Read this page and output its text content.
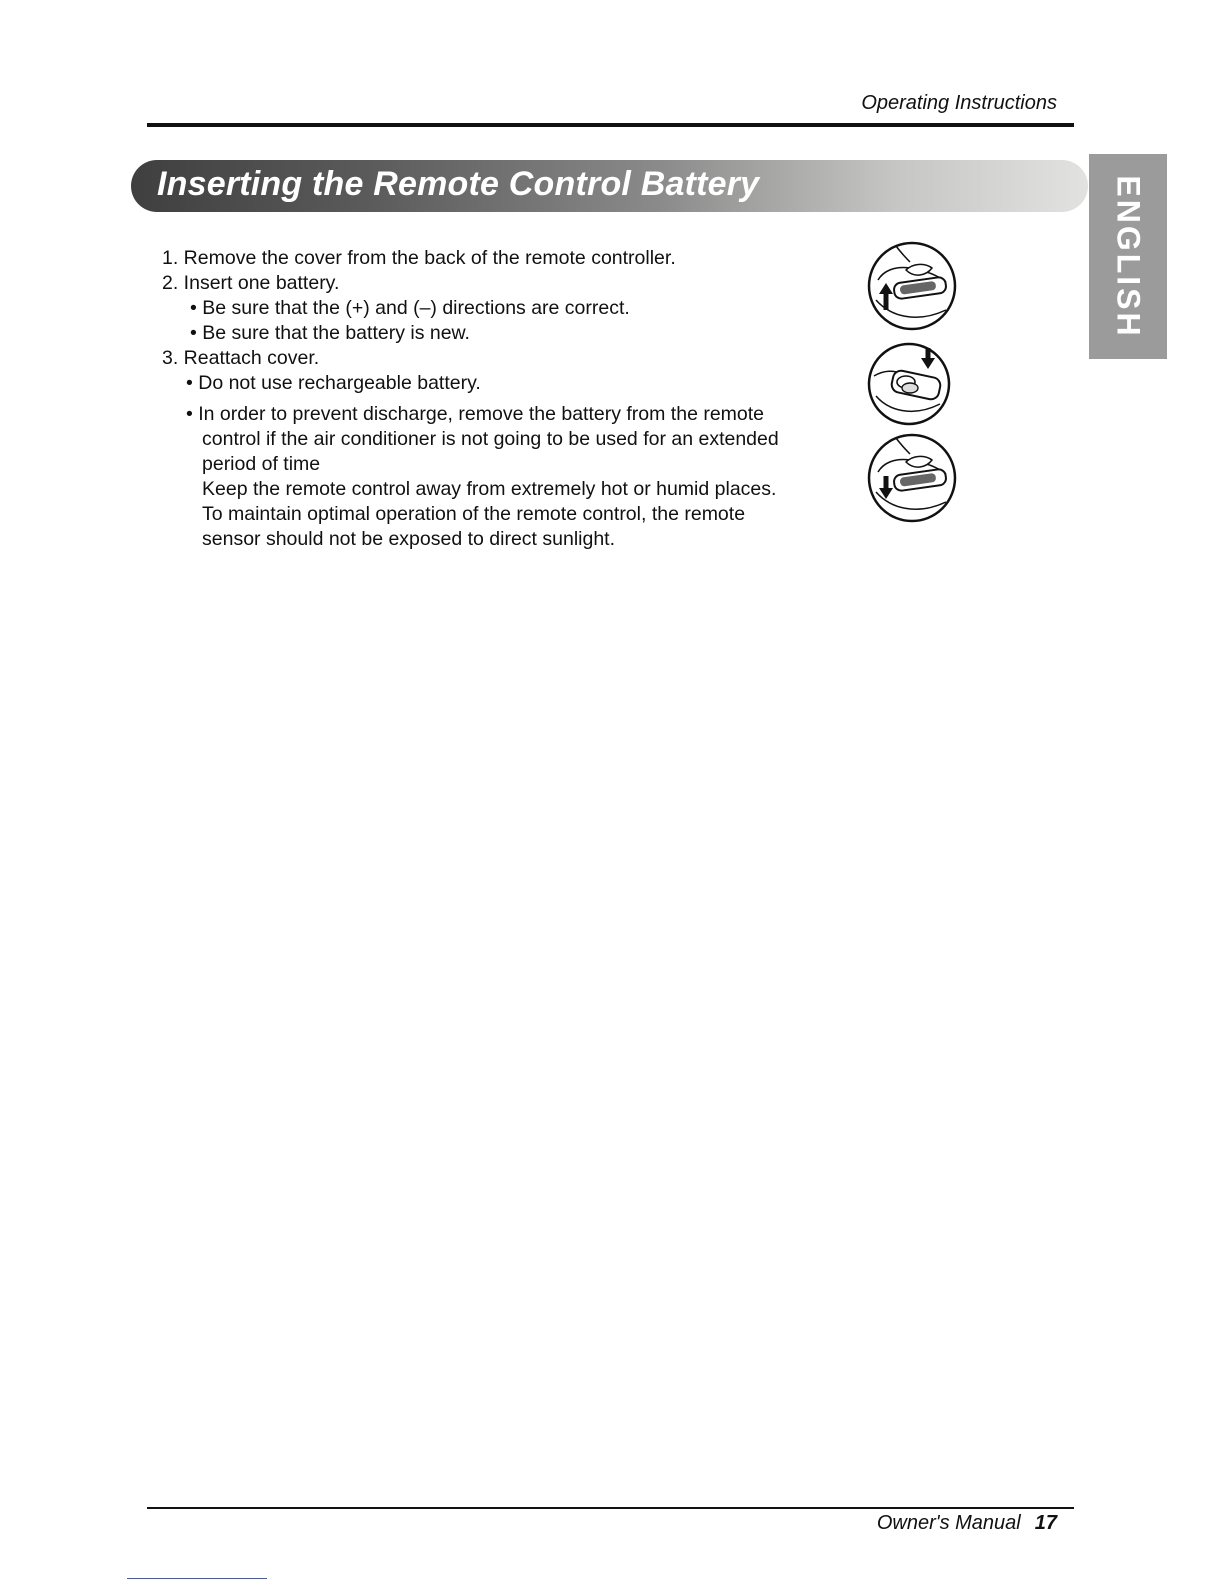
Operating Instructions
Inserting the Remote Control Battery	ENGLISH
1. Remove the cover from the back of the remote controller.
2. Insert one battery.
• Be sure that the (+) and (–) directions are correct.
• Be sure that the battery is new.
3. Reattach cover.
• Do not use rechargeable battery.
• In order to prevent discharge, remove the battery from the remote
control if the air conditioner is not going to be used for an extended
period of time
Keep the remote control away from extremely hot or humid places.
To maintain optimal operation of the remote control, the remote
sensor should not be exposed to direct sunlight.
Owner's Manual 17
